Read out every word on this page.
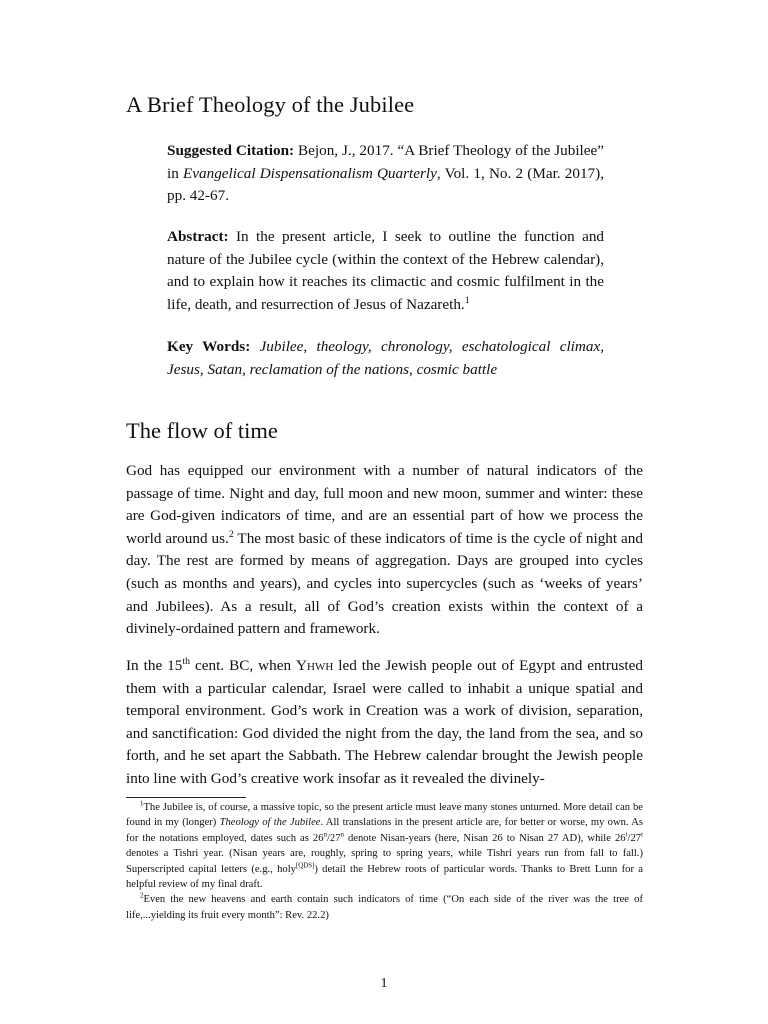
A Brief Theology of the Jubilee
Suggested Citation: Bejon, J., 2017. “A Brief Theology of the Jubilee” in Evangelical Dispensationalism Quarterly, Vol. 1, No. 2 (Mar. 2017), pp. 42-67.
Abstract: In the present article, I seek to outline the function and nature of the Jubilee cycle (within the context of the Hebrew calendar), and to explain how it reaches its climactic and cosmic fulfilment in the life, death, and resurrection of Jesus of Nazareth.$^1$
Key Words: Jubilee, theology, chronology, eschatological climax, Jesus, Satan, reclamation of the nations, cosmic battle
The flow of time

God has equipped our environment with a number of natural indicators of the passage of time. Night and day, full moon and new moon, summer and winter: these are God-given indicators of time, and are an essential part of how we process the world around us.$^2$ The most basic of these indicators of time is the cycle of night and day. The rest are formed by means of aggregation. Days are grouped into cycles (such as months and years), and cycles into supercycles (such as ‘weeks of years’ and Jubilees). As a result, all of God’s creation exists within the context of a divinely-ordained pattern and framework.

In the 15th cent. BC, when Yhwh led the Jewish people out of Egypt and entrusted them with a particular calendar, Israel were called to inhabit a unique spatial and temporal environment. God’s work in Creation was a work of division, separation, and sanctification: God divided the night from the day, the land from the sea, and so forth, and he set apart the Sabbath. The Hebrew calendar brought the Jewish people into line with God’s creative work insofar as it revealed the divinely-

$^1$The Jubilee is, of course, a massive topic, so the present article must leave many stones unturned. More detail can be found in my (longer) Theology of the Jubilee. All translations in the present article are, for better or worse, my own. As for the notations employed, dates such as 26$^n$/27$^n$ denote Nisan-years (here, Nisan 26 to Nisan 27 AD), while 26$^t$/27$^t$ denotes a Tishri year. (Nisan years are, roughly, spring to spring years, while Tishri years run from fall to fall.) Superscripted capital letters (e.g., holy[QDS]) detail the Hebrew roots of particular words. Thanks to Brett Lunn for a helpful review of my final draft.

$^2$Even the new heavens and earth contain such indicators of time (“On each side of the river was the tree of life,...yielding its fruit every month”: Rev. 22.2)

1
